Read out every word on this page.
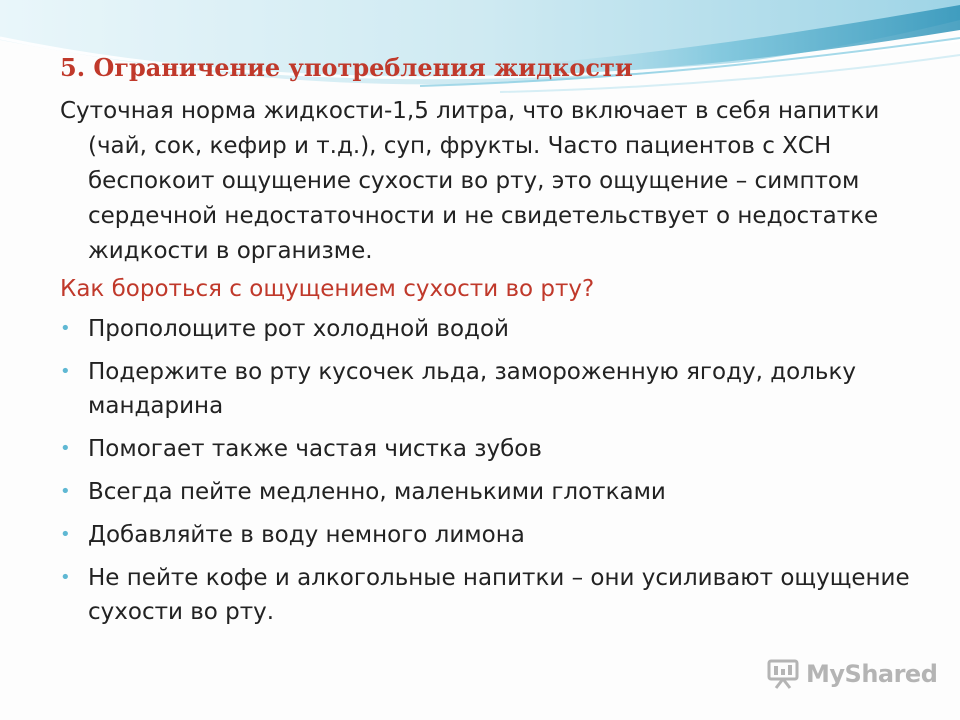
5. Ограничение употребления жидкости

Суточная норма жидкости-1,5 литра, что включает в себя напитки (чай, сок, кефир и т.д.), суп, фрукты. Часто пациентов с ХСН беспокоит ощущение сухости во рту, это ощущение – симптом сердечной недостаточности и не свидетельствует о недостатке жидкости в организме.

Как бороться с ощущением сухости во рту?

• Прополощите рот холодной водой
• Подержите во рту кусочек льда, замороженную ягоду, дольку мандарина
• Помогает также частая чистка зубов
• Всегда пейте медленно, маленькими глотками
• Добавляйте в воду немного лимона
• Не пейте кофе и алкогольные напитки – они усиливают ощущение сухости во рту.
MyShared
